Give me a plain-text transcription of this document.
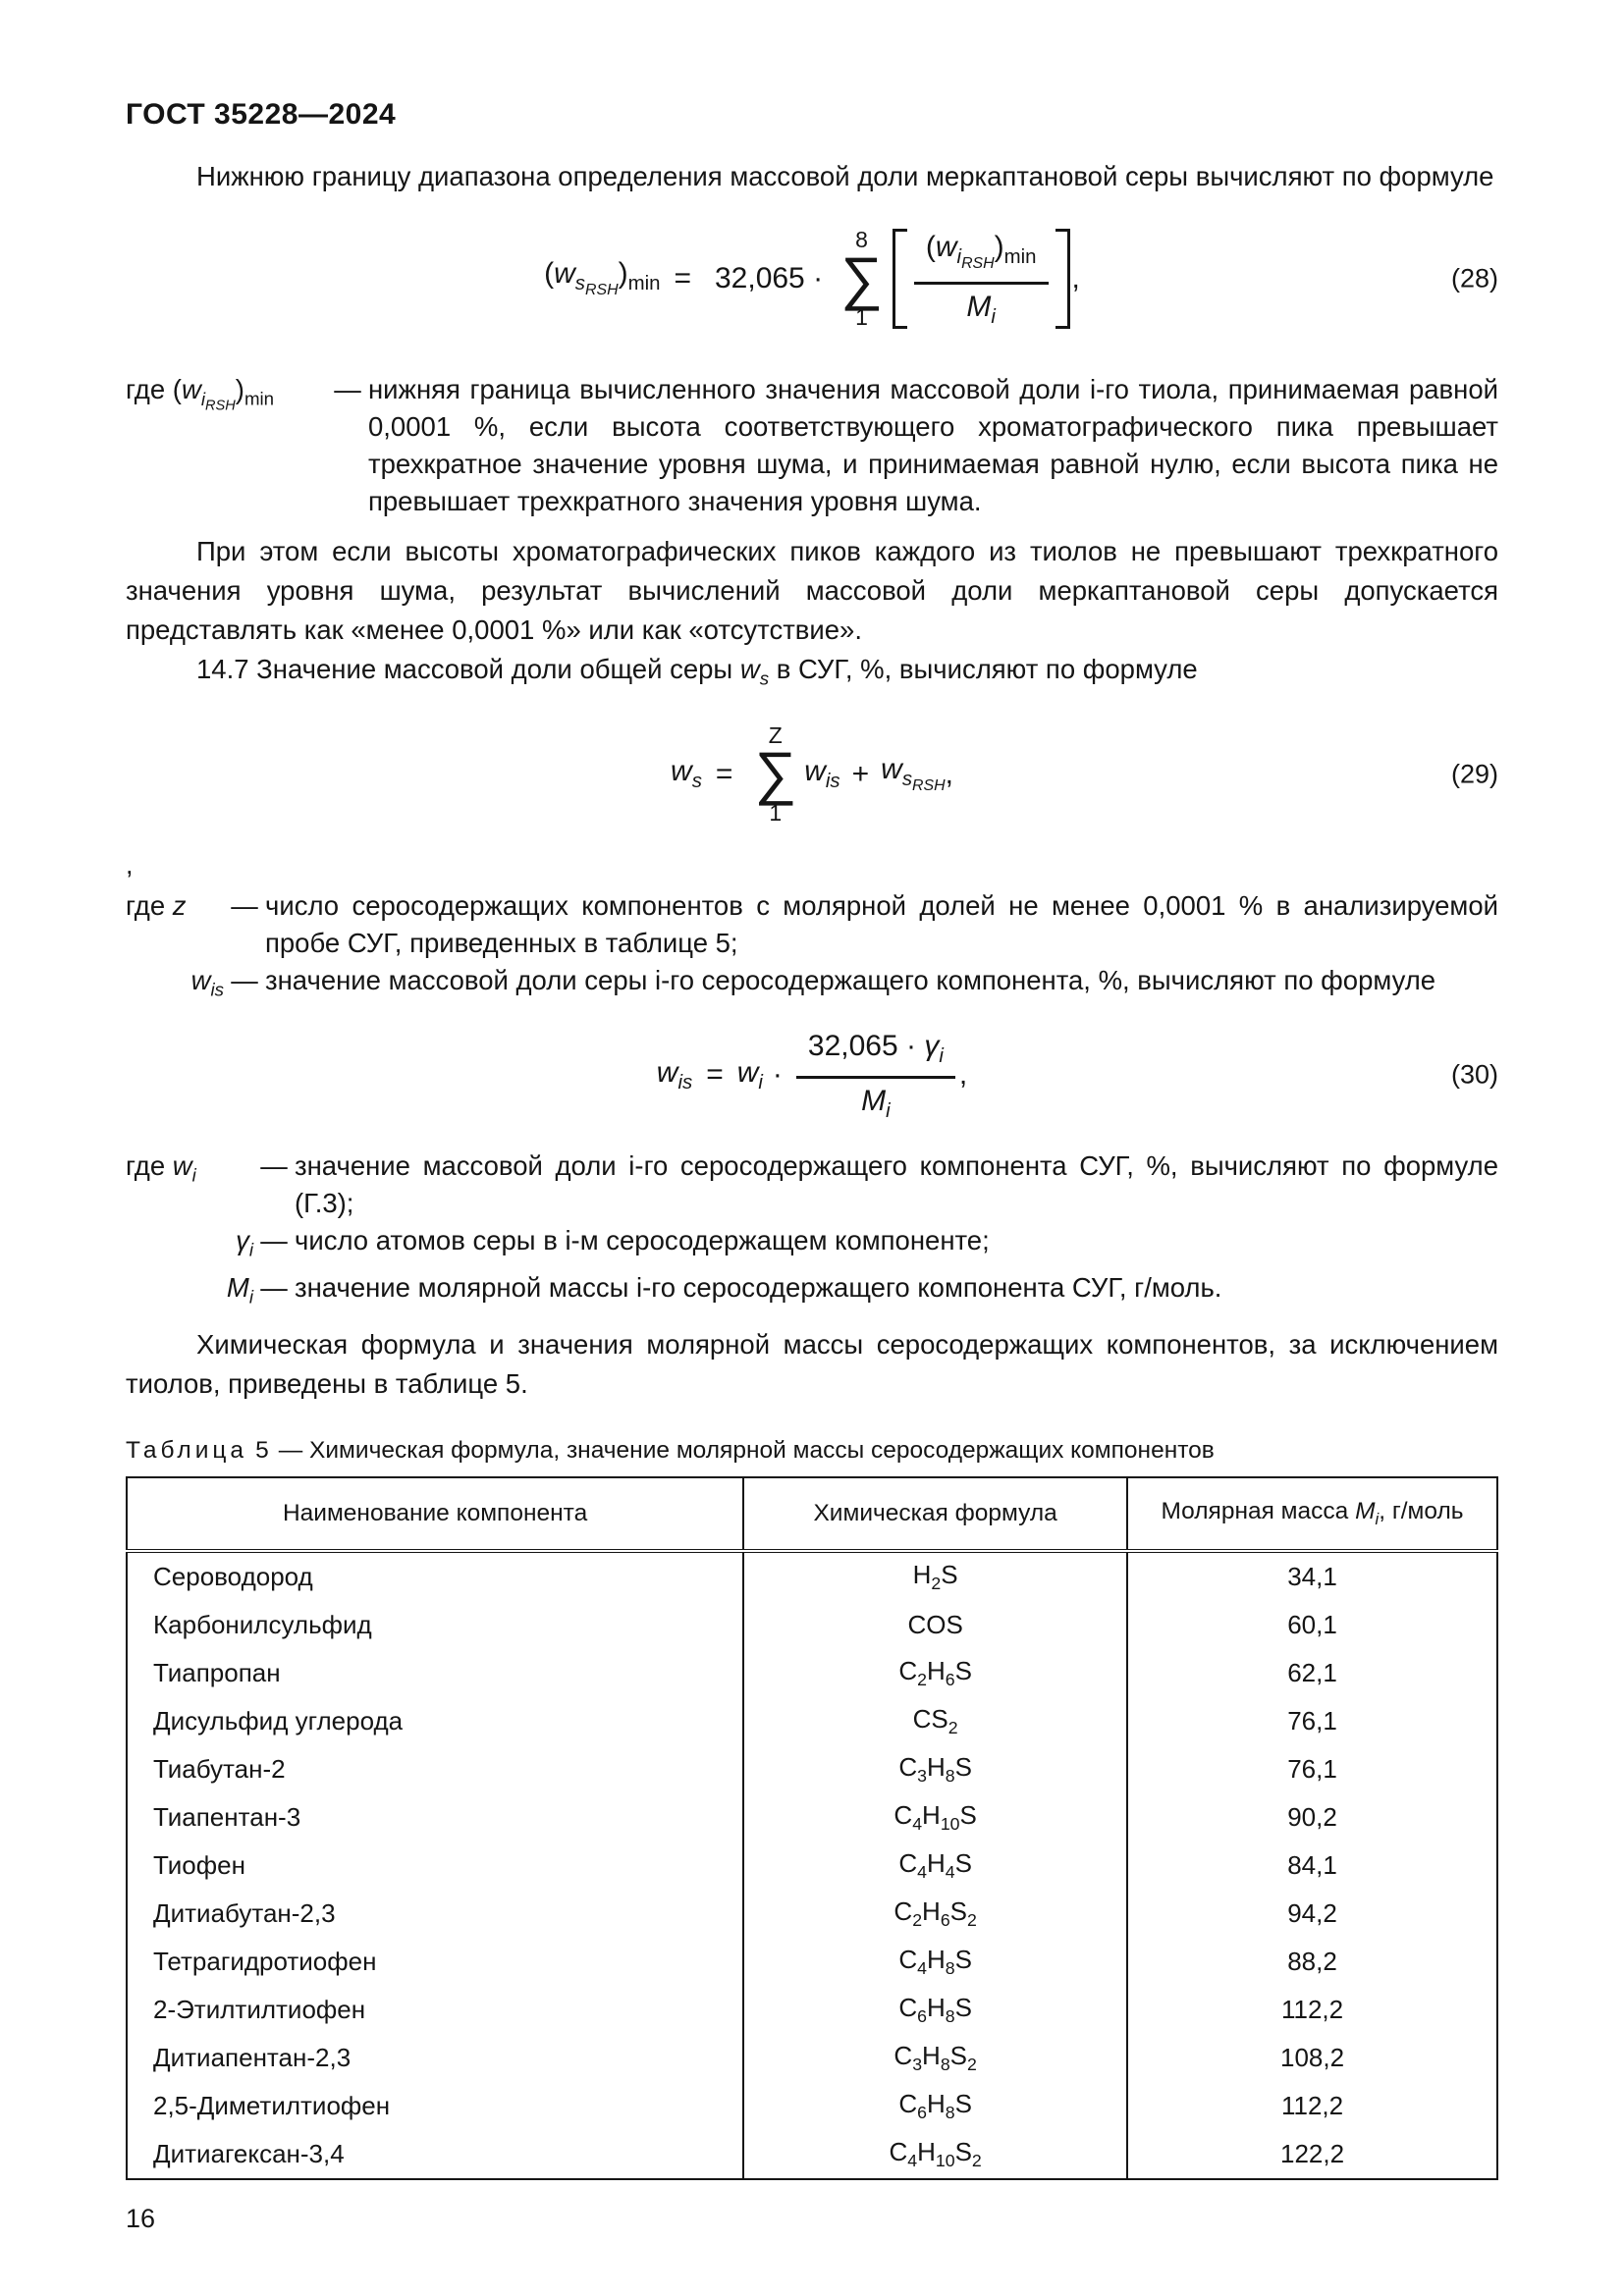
ГОСТ 35228—2024

Нижнюю границу диапазона определения массовой доли меркаптановой серы вычисляют по формуле

$(w_{s_{RSH}})_{min} = 32,065$ ·
8
∑
$1 \frac{(w_{i_{RSH}})_{min}}{M_i}$ ,	(28)
где $(w_{i_{RSH}})_{min}$	— нижняя граница вычисленного значения массовой доли i-го тиола, принимаемая равной 0,0001 %, если высота соответствующего хроматографического пика превышает трехкратное значение уровня шума, и принимаемая равной нулю, если высота пика не превышает трехкратного значения уровня шума.

При этом если высоты хроматографических пиков каждого из тиолов не превышают трехкратного значения уровня шума, результат вычислений массовой доли меркаптановой серы допускается представлять как «менее 0,0001 %» или как «отсутствие».

14.7 Значение массовой доли общей серы $w_s$ в СУГ, %, вычисляют по формуле

$w_s$ =
Z
∑
1
$w_{is} + w_{s_{RSH}}$ ,	(29)
,
где z	— число серосодержащих компонентов с молярной долей не менее 0,0001 % в анализируемой пробе СУГ, приведенных в таблице 5;
$w_{is}$ — значение массовой доли серы i-го серосодержащего компонента, %, вычисляют по формуле
$w_{is} = w_i \cdot \frac{32,065 \cdot \gamma_i}{M_i}$ ,	(30)
где $w_i$	— значение массовой доли i-го серосодержащего компонента СУГ, %, вычисляют по формуле (Г.3);
$\gamma_i$ — число атомов серы в i-м серосодержащем компоненте;
$M_i$ — значение молярной массы i-го серосодержащего компонента СУГ, г/моль.

Химическая формула и значения молярной массы серосодержащих компонентов, за исключением тиолов, приведены в таблице 5.

Таблица 5 — Химическая формула, значение молярной массы серосодержащих компонентов

Наименование компонента	Химическая формула	Молярная масса $M_i$, г/моль
Сероводород	$H_2S$	34,1
Карбонилсульфид	COS	60,1
Тиапропан	$C_2H_6S$	62,1
Дисульфид углерода	$CS_2$	76,1
Тиабутан-2	$C_3H_8S$	76,1
Тиапентан-3	$C_4H_{10}S$	90,2
Тиофен	$C_4H_4S$	84,1
Дитиабутан-2,3	$C_2H_6S_2$	94,2
Тетрагидротиофен	$C_4H_8S$	88,2
2-Этилтилтиофен	$C_6H_8S$	112,2
Дитиапентан-2,3	$C_3H_8S_2$	108,2
2,5-Диметилтиофен	$C_6H_8S$	112,2
Дитиагексан-3,4	$C_4H_{10}S_2$	122,2
16
